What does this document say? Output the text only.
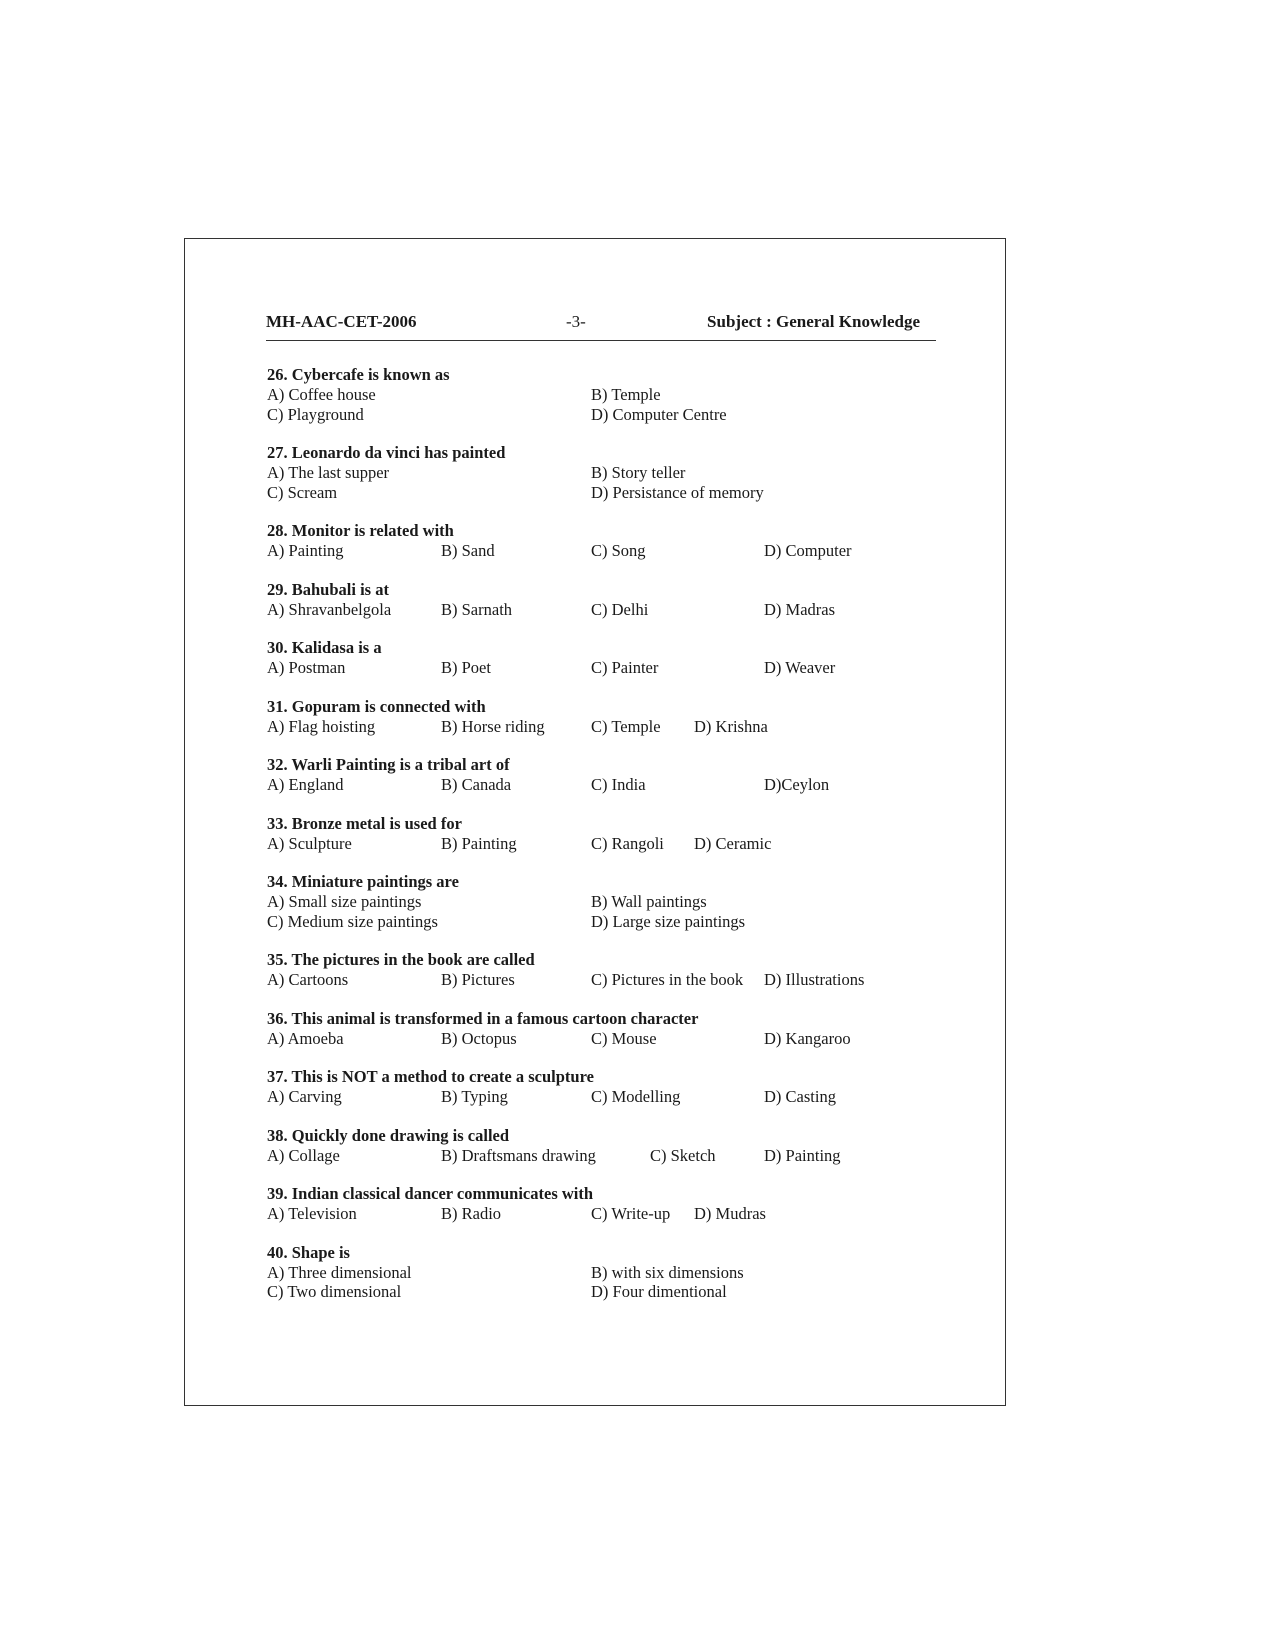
MH-AAC-CET-2006	-3-	Subject : General Knowledge
26. Cybercafe is known as
A) Coffee house	B) Temple
C) Playground	D) Computer Centre
27. Leonardo da vinci has painted
A) The last supper	B) Story teller
C) Scream	D) Persistance of memory
28. Monitor is related with
A) Painting	B) Sand	C) Song	D) Computer
29. Bahubali is at
A) Shravanbelgola	B) Sarnath	C) Delhi	D) Madras
30. Kalidasa is a
A) Postman	B) Poet	C) Painter	D) Weaver
31. Gopuram is connected with
A) Flag hoisting	B) Horse riding	C) Temple D) Krishna
32. Warli Painting is a tribal art of
A) England	B) Canada	C) India	D)Ceylon
33. Bronze metal is used for
A) Sculpture	B) Painting	C) Rangoli D) Ceramic
34. Miniature paintings are
A) Small size paintings	B) Wall paintings
C) Medium size paintings	D) Large size paintings
35. The pictures in the book are called
A) Cartoons	B) Pictures	C) Pictures in the book D) Illustrations
36. This animal is transformed in a famous cartoon character
A) Amoeba	B) Octopus	C) Mouse	D) Kangaroo
37. This is NOT a method to create a sculpture
A) Carving	B) Typing	C) Modelling	D) Casting
38. Quickly done drawing is called
A) Collage	B) Draftsmans drawing	C) Sketch	D) Painting
39. Indian classical dancer communicates with
A) Television	B) Radio	C) Write-up D) Mudras
40. Shape is
A) Three dimensional	B) with six dimensions
C) Two dimensional	D) Four dimentional
